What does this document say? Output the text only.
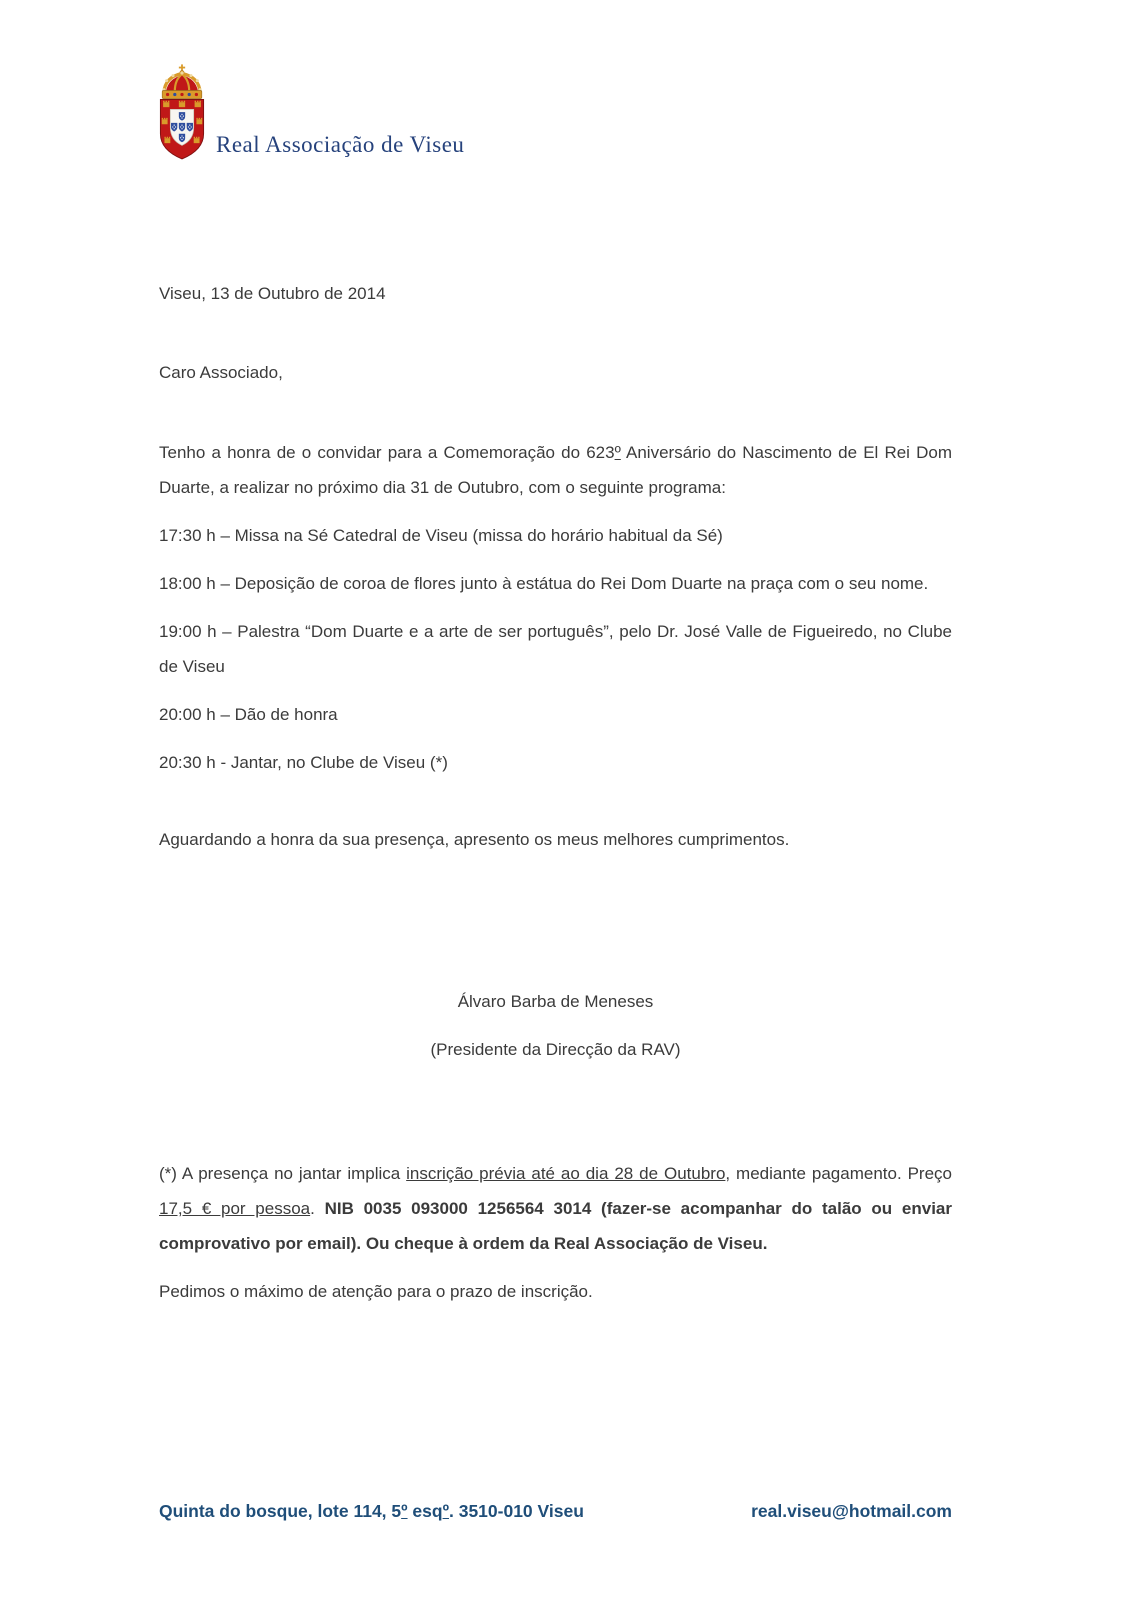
Real Associação de Viseu

Viseu, 13 de Outubro de 2014

Caro Associado,

Tenho a honra de o convidar para a Comemoração do 623º Aniversário do Nascimento de El Rei Dom Duarte, a realizar no próximo dia 31 de Outubro, com o seguinte programa:

17:30 h – Missa na Sé Catedral de Viseu (missa do horário habitual da Sé)

18:00 h – Deposição de coroa de flores junto à estátua do Rei Dom Duarte na praça com o seu nome.

19:00 h – Palestra “Dom Duarte e a arte de ser português”, pelo Dr. José Valle de Figueiredo, no Clube de Viseu

20:00 h – Dão de honra

20:30 h - Jantar, no Clube de Viseu (*)

Aguardando a honra da sua presença, apresento os meus melhores cumprimentos.

Álvaro Barba de Meneses

(Presidente da Direcção da RAV)

(*) A presença no jantar implica inscrição prévia até ao dia 28 de Outubro, mediante pagamento. Preço 17,5 € por pessoa. NIB 0035 093000 1256564 3014 (fazer-se acompanhar do talão ou enviar comprovativo por email). Ou cheque à ordem da Real Associação de Viseu.

Pedimos o máximo de atenção para o prazo de inscrição.

Quinta do bosque, lote 114, 5º esqº. 3510-010 Viseu	real.viseu@hotmail.com
